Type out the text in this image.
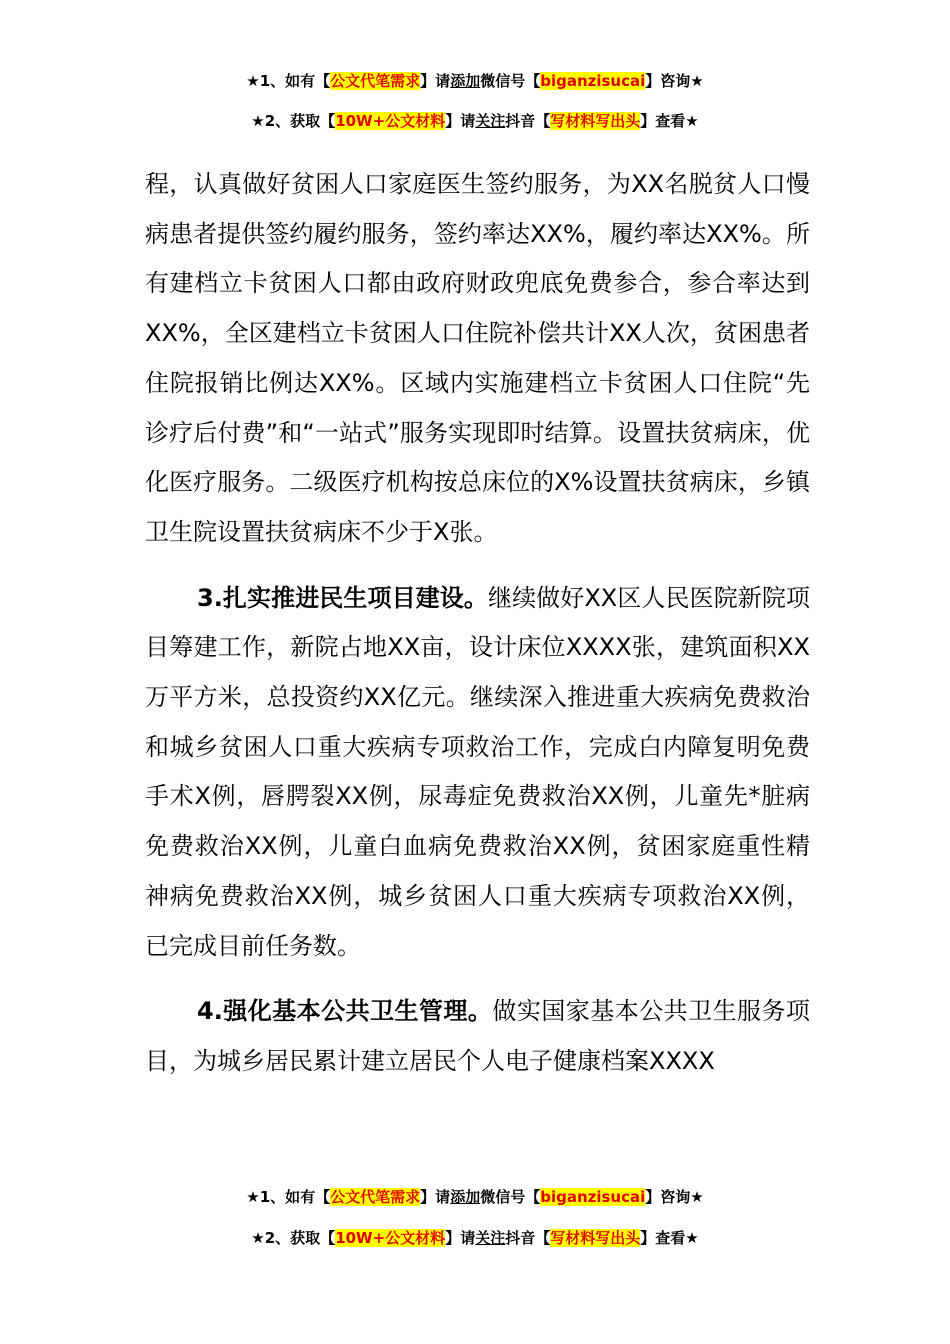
★1、如有【公文代笔需求】请添加微信号【biganzisucai】咨询★
★2、获取【10W+公文材料】请关注抖音【写材料写出头】查看★

程，认真做好贫困人口家庭医生签约服务，为XX名脱贫人口慢病患者提供签约履约服务，签约率达XX%，履约率达XX%。所有建档立卡贫困人口都由政府财政兜底免费参合，参合率达到XX%，全区建档立卡贫困人口住院补偿共计XX人次，贫困患者住院报销比例达XX%。区域内实施建档立卡贫困人口住院“先诊疗后付费”和“一站式”服务实现即时结算。设置扶贫病床，优化医疗服务。二级医疗机构按总床位的X%设置扶贫病床，乡镇卫生院设置扶贫病床不少于X张。

3.扎实推进民生项目建设。继续做好XX区人民医院新院项目筹建工作，新院占地XX亩，设计床位XXXX张，建筑面积XX万平方米，总投资约XX亿元。继续深入推进重大疾病免费救治和城乡贫困人口重大疾病专项救治工作，完成白内障复明免费手术X例，唇腭裂XX例，尿毒症免费救治XX例，儿童先*脏病免费救治XX例，儿童白血病免费救治XX例，贫困家庭重性精神病免费救治XX例，城乡贫困人口重大疾病专项救治XX例，已完成目前任务数。

4.强化基本公共卫生管理。做实国家基本公共卫生服务项目，为城乡居民累计建立居民个人电子健康档案XXXX

★1、如有【公文代笔需求】请添加微信号【biganzisucai】咨询★
★2、获取【10W+公文材料】请关注抖音【写材料写出头】查看★
